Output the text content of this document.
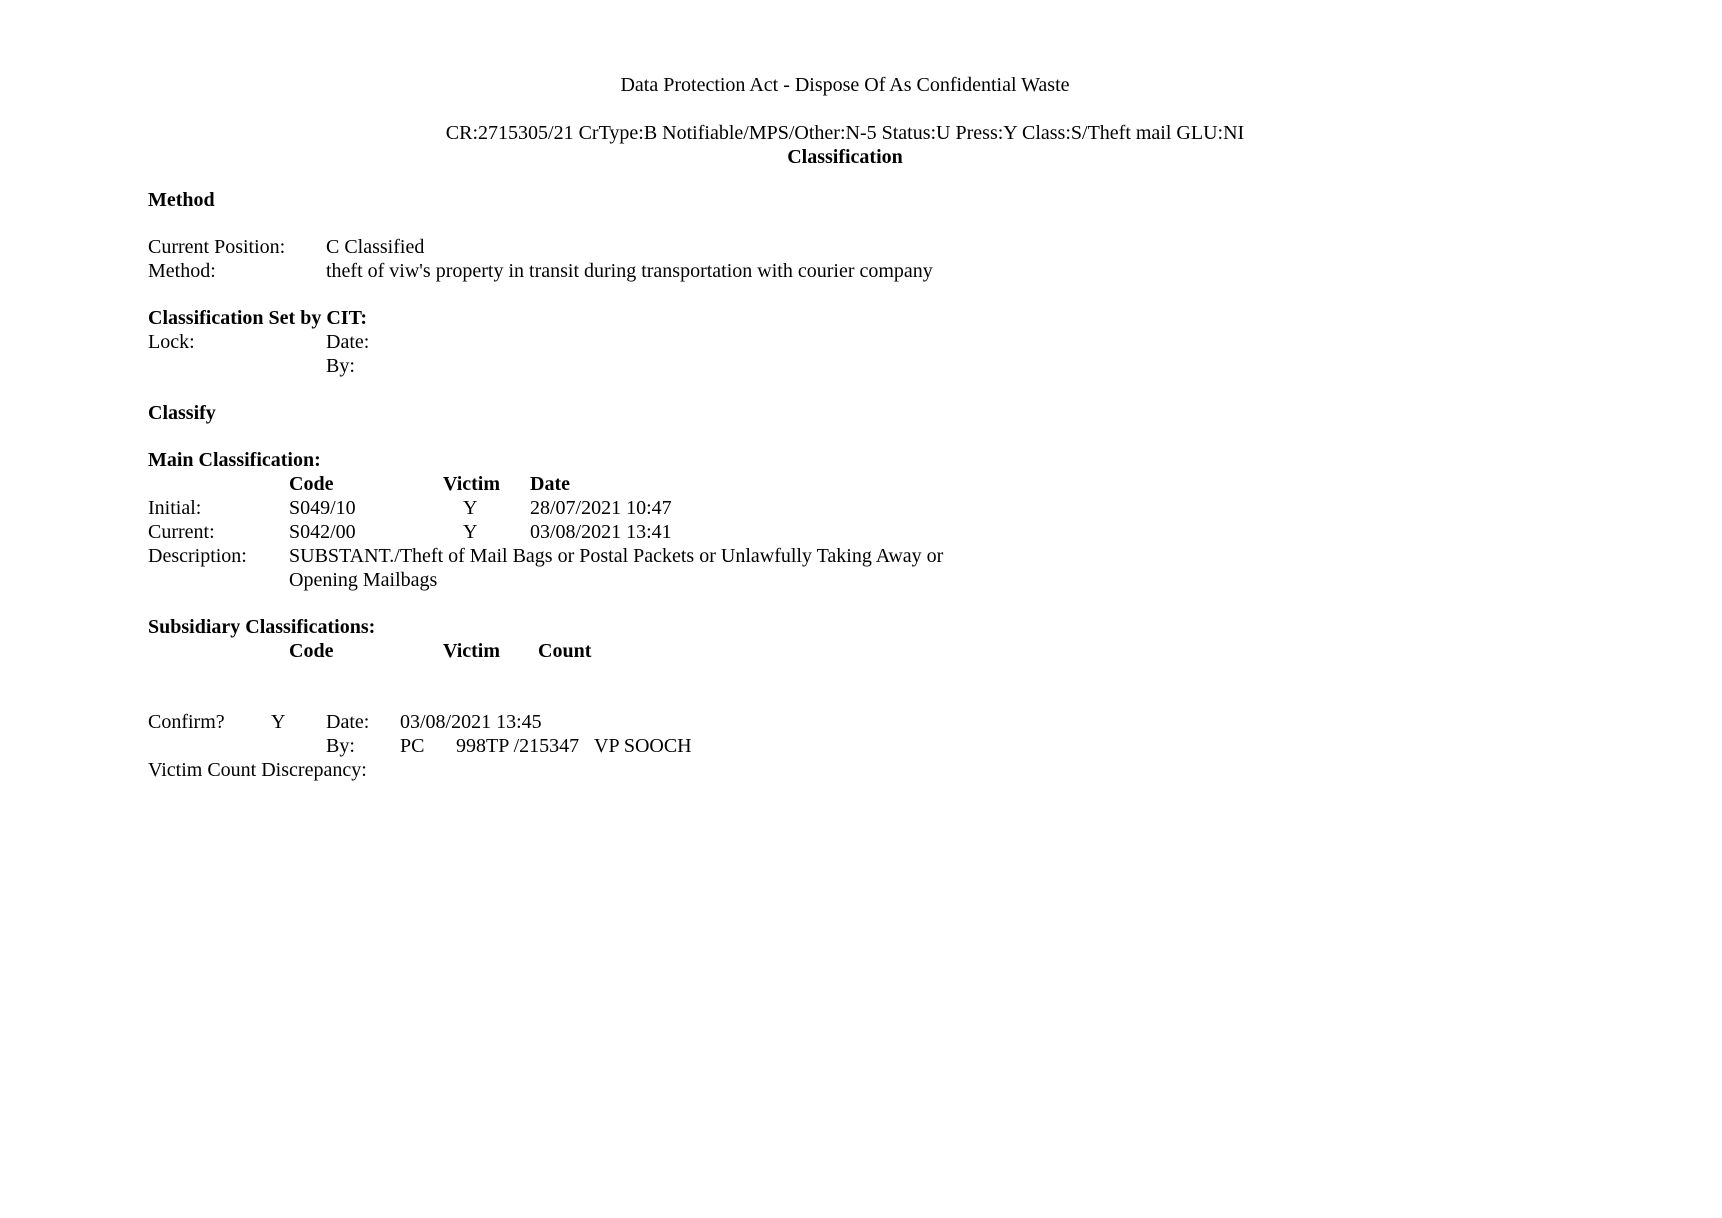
Data Protection Act - Dispose Of As Confidential Waste
CR:2715305/21 CrType:B Notifiable/MPS/Other:N-5 Status:U Press:Y Class:S/Theft mail GLU:NI
Classification
Method
Current Position: C Classified
Method:	theft of viw's property in transit during transportation with courier company
Classification Set by CIT:
Lock:	Date:
By:
Classify
Main Classification:
Code	Victim Date
Initial:	S049/10	Y	28/07/2021 10:47
Current:	S042/00	Y	03/08/2021 13:41
Description: SUBSTANT./Theft of Mail Bags or Postal Packets or Unlawfully Taking Away or
Opening Mailbags
Subsidiary Classifications:
Code	Victim Count
Confirm? Y Date: 03/08/2021 13:45
By: PC 998TP /215347 VP SOOCH
Victim Count Discrepancy:
